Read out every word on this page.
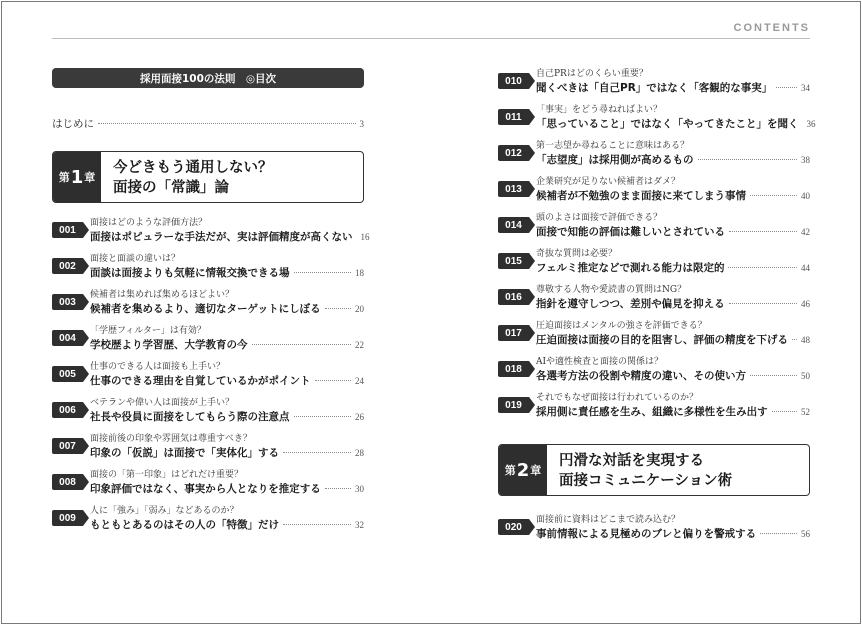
CONTENTS
採用面接100の法則　◎目次
はじめに	3
第 1 章
今どきもう通用しない？
面接の「常識」論
001
面接はどのような評価方法？
面接はポピュラーな手法だが、実は評価精度が高くない 16
002
面接と面談の違いは？
面談は面接よりも気軽に情報交換できる場	18
003
候補者は集めれば集めるほどよい？
候補者を集めるより、適切なターゲットにしぼる	20
004
「学歴フィルター」は有効？
学校歴より学習歴、大学教育の今	22
005
仕事のできる人は面接も上手い？
仕事のできる理由を自覚しているかがポイント	24
006
ベテランや偉い人は面接が上手い？
社長や役員に面接をしてもらう際の注意点	26
007
面接前後の印象や雰囲気は尊重すべき？
印象の「仮説」は面接で「実体化」する	28
008
面接の「第一印象」はどれだけ重要？
印象評価ではなく、事実から人となりを推定する	30
009
人に「強み」「弱み」などあるのか？
もともとあるのはその人の「特徴」だけ	32
010
自己PRはどのくらい重要？
聞くべきは「自己PR」ではなく「客観的な事実」	34
011
「事実」をどう尋ねればよい？
「思っていること」ではなく「やってきたこと」を聞く 36
012
第一志望か尋ねることに意味はある？
「志望度」は採用側が高めるもの	38
013
企業研究が足りない候補者はダメ？
候補者が不勉強のまま面接に来てしまう事情	40
014
頭のよさは面接で評価できる？
面接で知能の評価は難しいとされている	42
015
奇抜な質問は必要？
フェルミ推定などで測れる能力は限定的	44
016
尊敬する人物や愛読書の質問はNG？
指針を遵守しつつ、差別や偏見を抑える	46
017
圧迫面接はメンタルの強さを評価できる？
圧迫面接は面接の目的を阻害し、評価の精度を下げる 48
018
AIや適性検査と面接の関係は？
各選考方法の役割や精度の違い、その使い方	50
019
それでもなぜ面接は行われているのか？
採用側に責任感を生み、組織に多様性を生み出す	52
第 2 章
円滑な対話を実現する
面接コミュニケーション術
020
面接前に資料はどこまで読み込む？
事前情報による見極めのブレと偏りを警戒する	56
